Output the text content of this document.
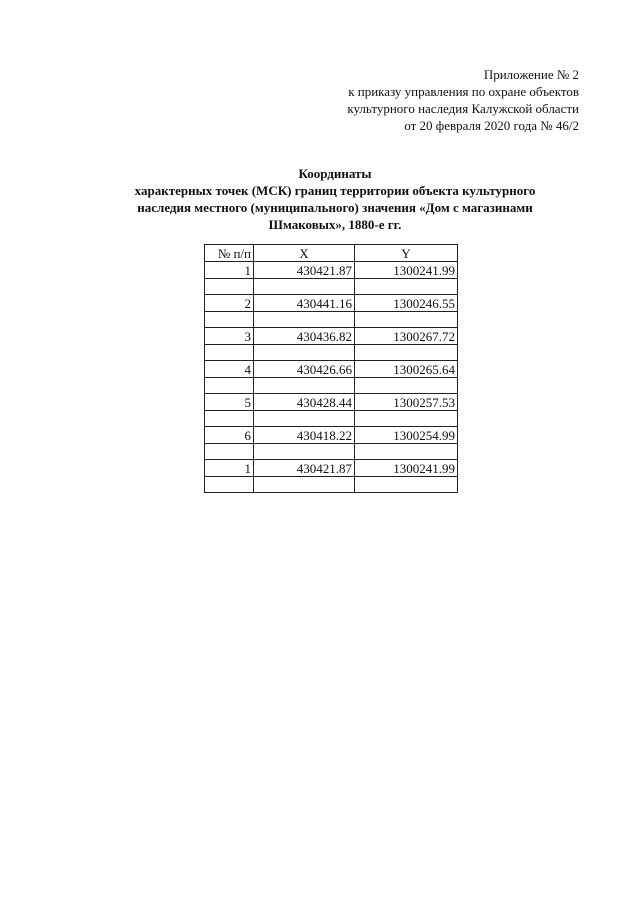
Приложение № 2
к приказу управления по охране объектов
культурного наследия Калужской области
от 20 февраля 2020 года № 46/2
Координаты
характерных точек (МСК) границ территории объекта культурного
наследия местного (муниципального) значения «Дом с магазинами
Шмаковых», 1880-е гг.
№ п/п	X	Y
1	430421.87	1300241.99

2	430441.16	1300246.55

3	430436.82	1300267.72

4	430426.66	1300265.64

5	430428.44	1300257.53

6	430418.22	1300254.99

1	430421.87	1300241.99
